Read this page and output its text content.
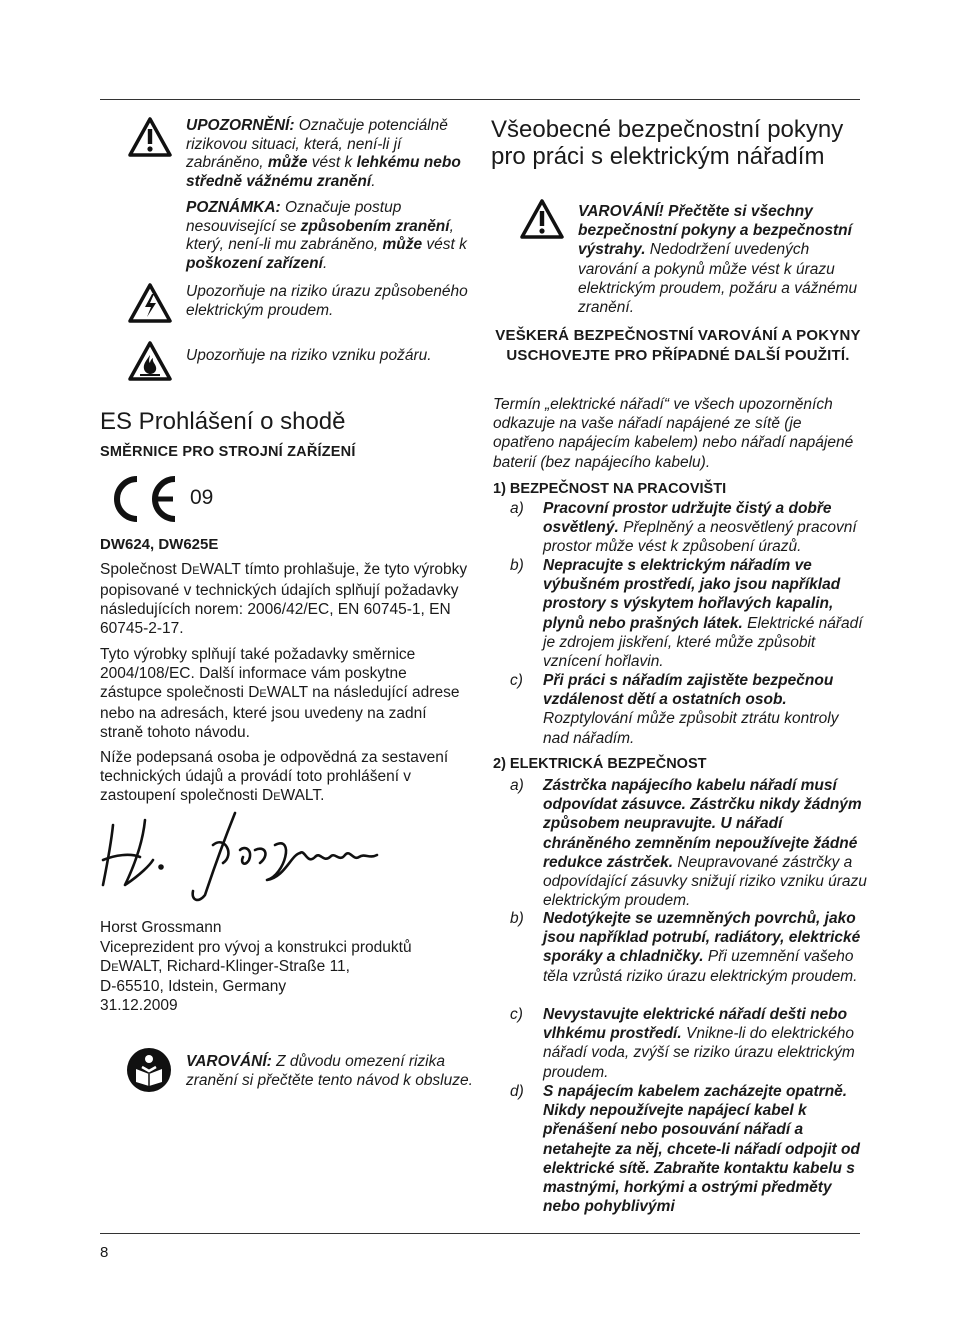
UPOZORNĚNÍ: Označuje potenciálně rizikovou situaci, která, není-li jí zabráněno, může vést k lehkému nebo středně vážnému zranění.
POZNÁMKA: Označuje postup nesouvisející se způsobením zranění, který, není-li mu zabráněno, může vést k poškození zařízení.
Upozorňuje na riziko úrazu způsobeného elektrickým proudem.
Upozorňuje na riziko vzniku požáru.
ES Prohlášení o shodě
SMĚRNICE PRO STROJNÍ ZAŘÍZENÍ
09
DW624, DW625E

Společnost DEWALT tímto prohlašuje, že tyto výrobky popisované v technických údajích splňují požadavky následujících norem: 2006/42/EC, EN 60745-1, EN 60745-2-17.

Tyto výrobky splňují také požadavky směrnice 2004/108/EC. Další informace vám poskytne zástupce společnosti DEWALT na následující adrese nebo na adresách, které jsou uvedeny na zadní straně tohoto návodu.

Níže podepsaná osoba je odpovědná za sestavení technických údajů a provádí toto prohlášení v zastoupení společnosti DEWALT.

Horst Grossmann
Viceprezident pro vývoj a konstrukci produktů
DEWALT, Richard-Klinger-Straße 11,
D-65510, Idstein, Germany
31.12.2009
VAROVÁNÍ: Z důvodu omezení rizika zranění si přečtěte tento návod k obsluze.
8
Všeobecné bezpečnostní pokyny pro práci s elektrickým nářadím
VAROVÁNÍ! Přečtěte si všechny bezpečnostní pokyny a bezpečnostní výstrahy. Nedodržení uvedených varování a pokynů může vést k úrazu elektrickým proudem, požáru a vážnému zranění.
VEŠKERÁ BEZPEČNOSTNÍ VAROVÁNÍ A POKYNY USCHOVEJTE PRO PŘÍPADNÉ DALŠÍ POUŽITÍ.
Termín „elektrické nářadí“ ve všech upozorněních odkazuje na vaše nářadí napájené ze sítě (je opatřeno napájecím kabelem) nebo nářadí napájené baterií (bez napájecího kabelu).
1) BEZPEČNOST NA PRACOVIŠTI
a) Pracovní prostor udržujte čistý a dobře osvětlený. Přeplněný a neosvětlený pracovní prostor může vést k způsobení úrazů.
b) Nepracujte s elektrickým nářadím ve výbušném prostředí, jako jsou například prostory s výskytem hořlavých kapalin, plynů nebo prašných látek. Elektrické nářadí je zdrojem jiskření, které může způsobit vznícení hořlavin.
c) Při práci s nářadím zajistěte bezpečnou vzdálenost dětí a ostatních osob. Rozptylování může způsobit ztrátu kontroly nad nářadím.
2) ELEKTRICKÁ BEZPEČNOST
a) Zástrčka napájecího kabelu nářadí musí odpovídat zásuvce. Zástrčku nikdy žádným způsobem neupravujte. U nářadí chráněného zemněním nepoužívejte žádné redukce zástrček. Neupravované zástrčky a odpovídající zásuvky snižují riziko vzniku úrazu elektrickým proudem.
b) Nedotýkejte se uzemněných povrchů, jako jsou například potrubí, radiátory, elektrické sporáky a chladničky. Při uzemnění vašeho těla vzrůstá riziko úrazu elektrickým proudem.
c) Nevystavujte elektrické nářadí dešti nebo vlhkému prostředí. Vnikne-li do elektrického nářadí voda, zvýší se riziko úrazu elektrickým proudem.
d) S napájecím kabelem zacházejte opatrně. Nikdy nepoužívejte napájecí kabel k přenášení nebo posouvání nářadí a netahejte za něj, chcete-li nářadí odpojit od elektrické sítě. Zabraňte kontaktu kabelu s mastnými, horkými a ostrými předměty nebo pohyblivými
